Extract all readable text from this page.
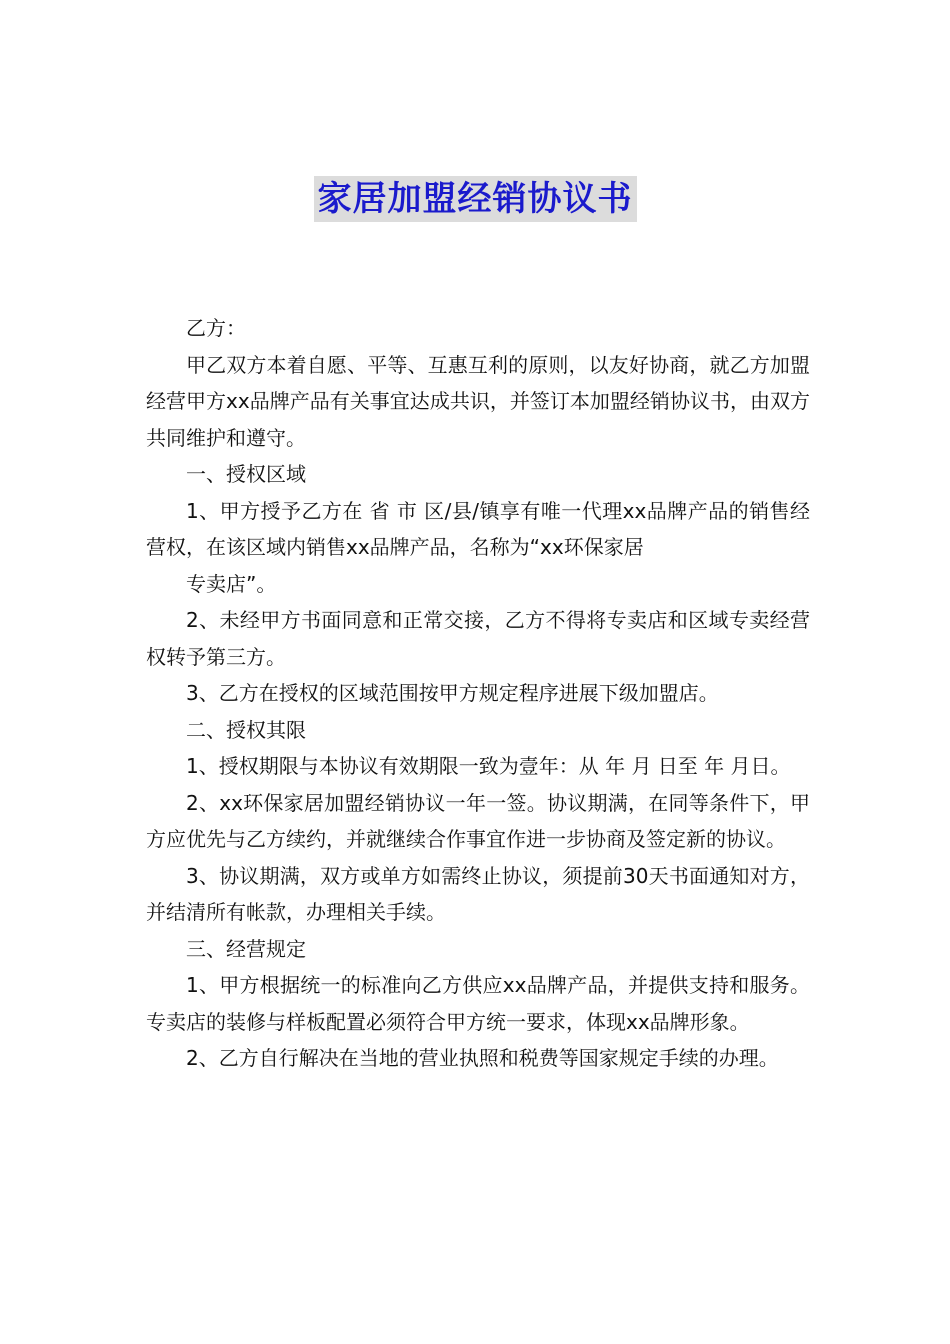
家居加盟经销协议书

乙方：

甲乙双方本着自愿、平等、互惠互利的原则，以友好协商，就乙方加盟经营甲方xx品牌产品有关事宜达成共识，并签订本加盟经销协议书，由双方共同维护和遵守。

一、授权区域

1、甲方授予乙方在 省 市 区/县/镇享有唯一代理xx品牌产品的销售经营权，在该区域内销售xx品牌产品，名称为“xx环保家居

专卖店”。

2、未经甲方书面同意和正常交接，乙方不得将专卖店和区域专卖经营权转予第三方。

3、乙方在授权的区域范围按甲方规定程序进展下级加盟店。

二、授权其限

1、授权期限与本协议有效期限一致为壹年：从 年 月 日至 年 月日。

2、xx环保家居加盟经销协议一年一签。协议期满，在同等条件下，甲方应优先与乙方续约，并就继续合作事宜作进一步协商及签定新的协议。

3、协议期满，双方或单方如需终止协议，须提前30天书面通知对方，并结清所有帐款，办理相关手续。

三、经营规定

1、甲方根据统一的标准向乙方供应xx品牌产品，并提供支持和服务。专卖店的装修与样板配置必须符合甲方统一要求，体现xx品牌形象。

2、乙方自行解决在当地的营业执照和税费等国家规定手续的办理。
